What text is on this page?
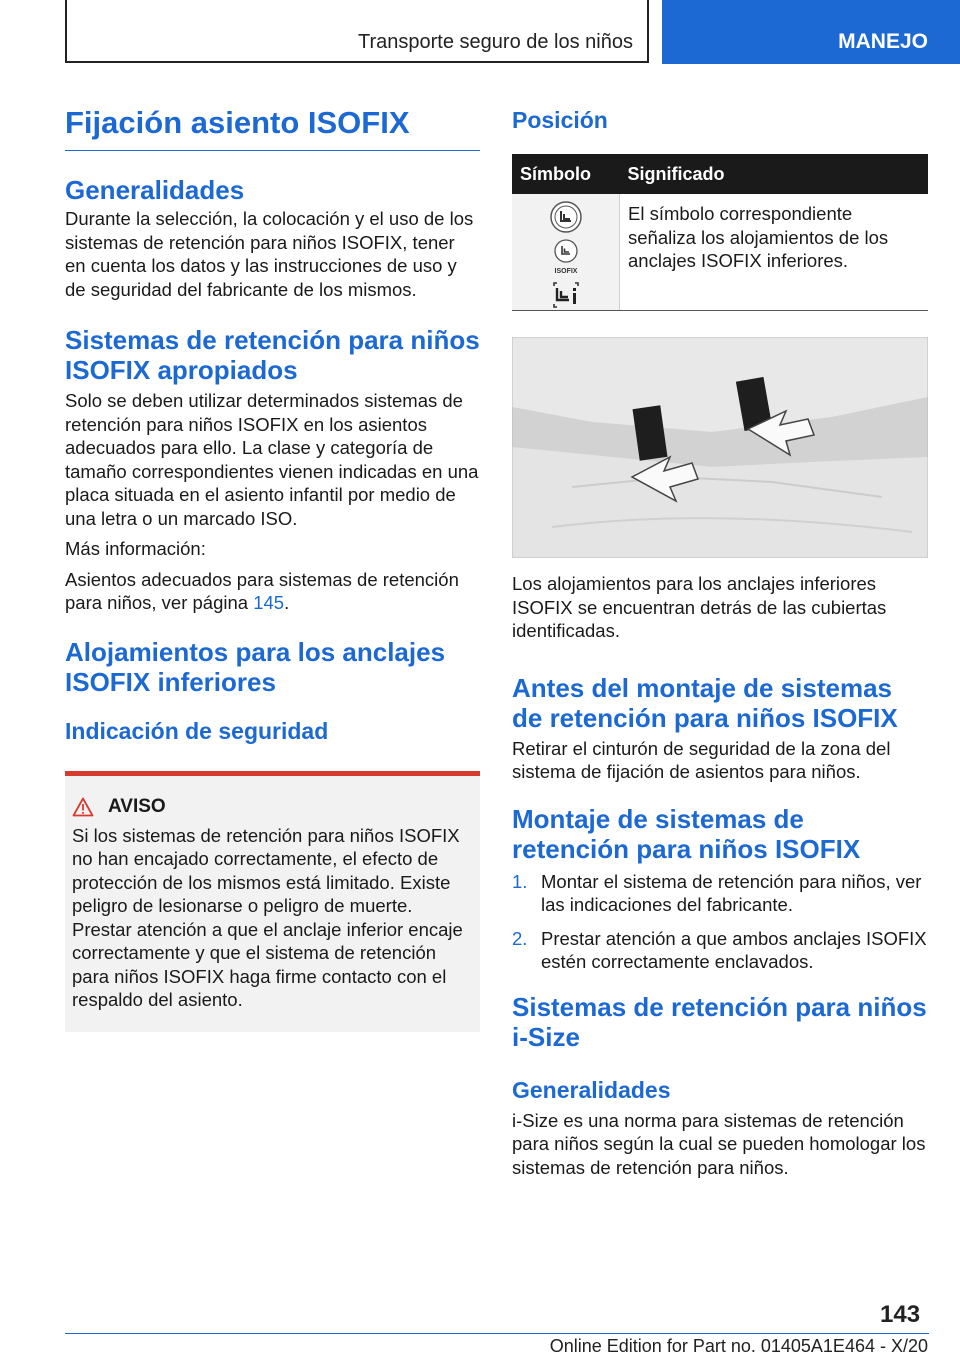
Transporte seguro de los niños	MANEJO
Fijación asiento ISOFIX
Generalidades

Durante la selección, la colocación y el uso de los sistemas de retención para niños ISOFIX, tener en cuenta los datos y las instrucciones de uso y de seguridad del fabricante de los mismos.

Sistemas de retención para niños ISOFIX apropiados

Solo se deben utilizar determinados sistemas de retención para niños ISOFIX en los asientos adecuados para ello. La clase y categoría de tamaño correspondientes vienen indicadas en una placa situada en el asiento infantil por medio de una letra o un marcado ISO.

Más información:

Asientos adecuados para sistemas de retención para niños, ver página 145.

Alojamientos para los anclajes ISOFIX inferiores
Indicación de seguridad
AVISO

Si los sistemas de retención para niños ISOFIX no han encajado correctamente, el efecto de protección de los mismos está limitado. Existe peligro de lesionarse o peligro de muerte. Prestar atención a que el anclaje inferior encaje correctamente y que el sistema de retención para niños ISOFIX haga firme contacto con el respaldo del asiento.

Posición
Símbolo	Significado

ISOFIX	El símbolo correspondiente señaliza los alojamientos de los anclajes ISOFIX inferiores.

Los alojamientos para los anclajes inferiores ISOFIX se encuentran detrás de las cubiertas identificadas.

Antes del montaje de sistemas de retención para niños ISOFIX

Retirar el cinturón de seguridad de la zona del sistema de fijación de asientos para niños.

Montaje de sistemas de retención para niños ISOFIX
1. Montar el sistema de retención para niños, ver las indicaciones del fabricante.
2. Prestar atención a que ambos anclajes ISOFIX estén correctamente enclavados.
Sistemas de retención para niños i-Size
Generalidades

i-Size es una norma para sistemas de retención para niños según la cual se pueden homologar los sistemas de retención para niños.

143
Online Edition for Part no. 01405A1E464 - X/20
